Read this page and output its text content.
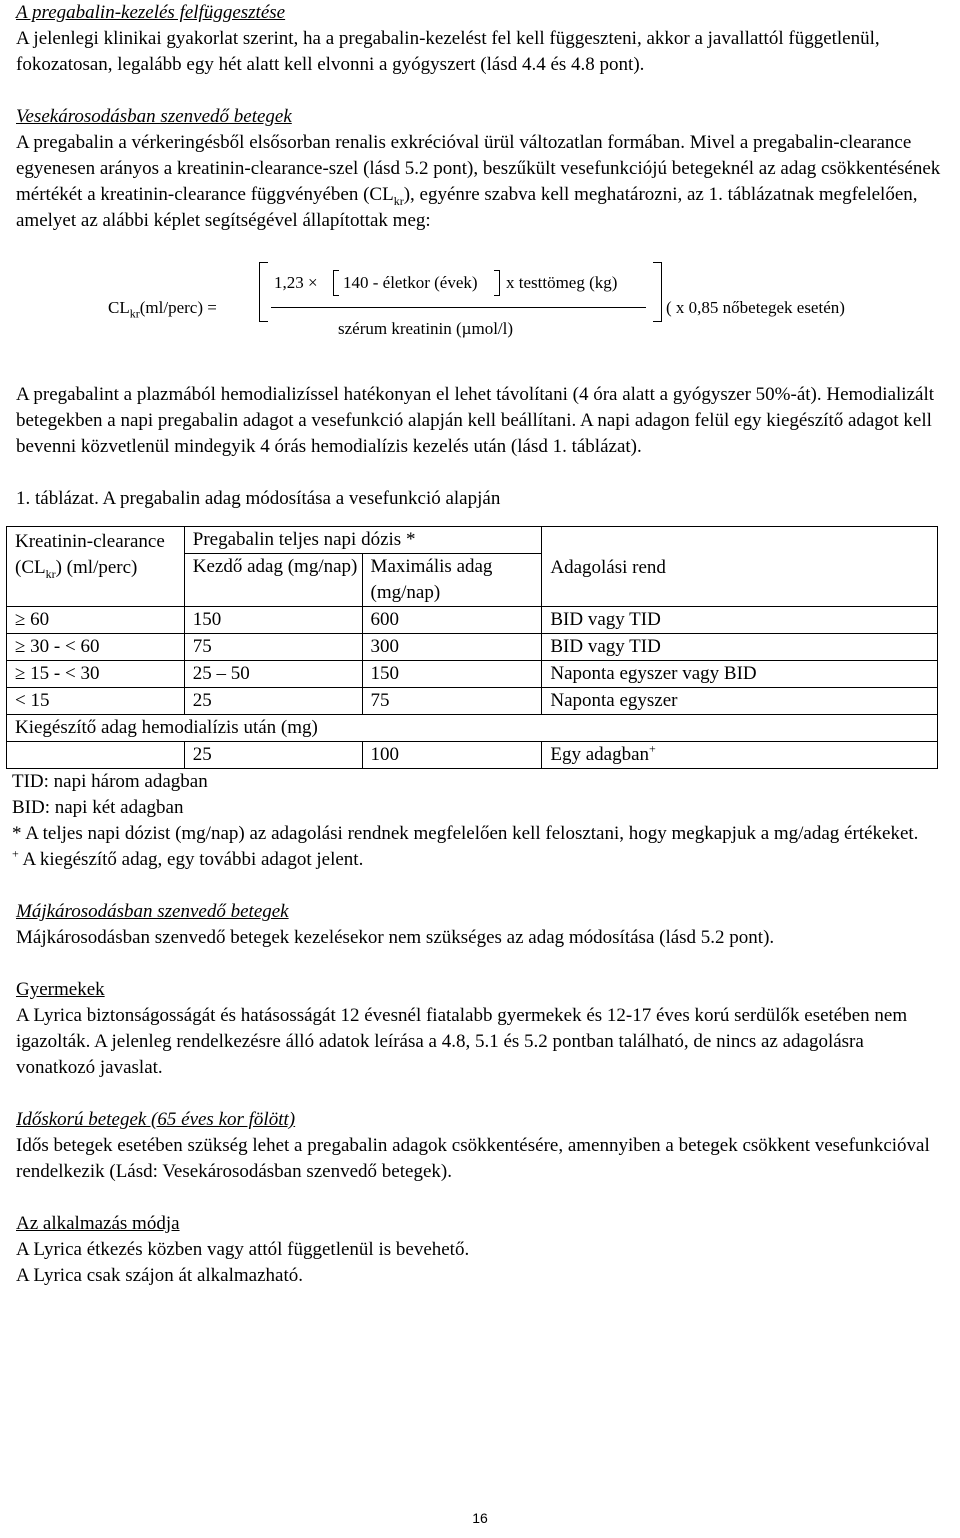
A pregabalin-kezelés felfüggesztése

A jelenlegi klinikai gyakorlat szerint, ha a pregabalin-kezelést fel kell függeszteni, akkor a javallattól függetlenül, fokozatosan, legalább egy hét alatt kell elvonni a gyógyszert (lásd 4.4 és 4.8 pont).

Vesekárosodásban szenvedő betegek

A pregabalin a vérkeringésből elsősorban renalis exkrécióval ürül változatlan formában. Mivel a pregabalin-clearance egyenesen arányos a kreatinin-clearance-szel (lásd 5.2 pont), beszűkült vesefunkciójú betegeknél az adag csökkentésének mértékét a kreatinin-clearance függvényében $(CL_{kr})$, egyénre szabva kell meghatározni, az 1. táblázatnak megfelelően, amelyet az alábbi képlet segítségével állapítottak meg:

$CL_{kr}(ml/perc)$ =
1,23 × 140 - életkor (évek) x testtömeg (kg)
szérum kreatinin (µmol/l)
( x 0,85 nőbetegek esetén)

A pregabalint a plazmából hemodializíssel hatékonyan el lehet távolítani (4 óra alatt a gyógyszer 50%-át). Hemodializált betegekben a napi pregabalin adagot a vesefunkció alapján kell beállítani. A napi adagon felül egy kiegészítő adagot kell bevenni közvetlenül mindegyik 4 órás hemodialízis kezelés után (lásd 1. táblázat).

1. táblázat. A pregabalin adag módosítása a vesefunkció alapján

Kreatinin-clearance $(CL_{kr})$ (ml/perc)	Pregabalin teljes napi dózis *		Adagolási rend
	Kezdő adag (mg/nap)	Maximális adag (mg/nap)	
≥ 60	150	600	BID vagy TID
≥ 30 - < 60	75	300	BID vagy TID
≥ 15 - < 30	25 – 50	150	Naponta egyszer vagy BID
< 15	25	75	Naponta egyszer
Kiegészítő adag hemodialízis után (mg)			
	25	100	Egy adagban+

TID: napi három adagban

BID: napi két adagban

* A teljes napi dózist (mg/nap) az adagolási rendnek megfelelően kell felosztani, hogy megkapjuk a mg/adag értékeket.

+ A kiegészítő adag, egy további adagot jelent.

Májkárosodásban szenvedő betegek

Májkárosodásban szenvedő betegek kezelésekor nem szükséges az adag módosítása (lásd 5.2 pont).

Gyermekek

A Lyrica biztonságosságát és hatásosságát 12 évesnél fiatalabb gyermekek és 12-17 éves korú serdülők esetében nem igazolták. A jelenleg rendelkezésre álló adatok leírása a 4.8, 5.1 és 5.2 pontban található, de nincs az adagolásra vonatkozó javaslat.

Időskorú betegek (65 éves kor fölött)

Idős betegek esetében szükség lehet a pregabalin adagok csökkentésére, amennyiben a betegek csökkent vesefunkcióval rendelkezik (Lásd: Vesekárosodásban szenvedő betegek).

Az alkalmazás módja

A Lyrica étkezés közben vagy attól függetlenül is bevehető.

A Lyrica csak szájon át alkalmazható.

16
